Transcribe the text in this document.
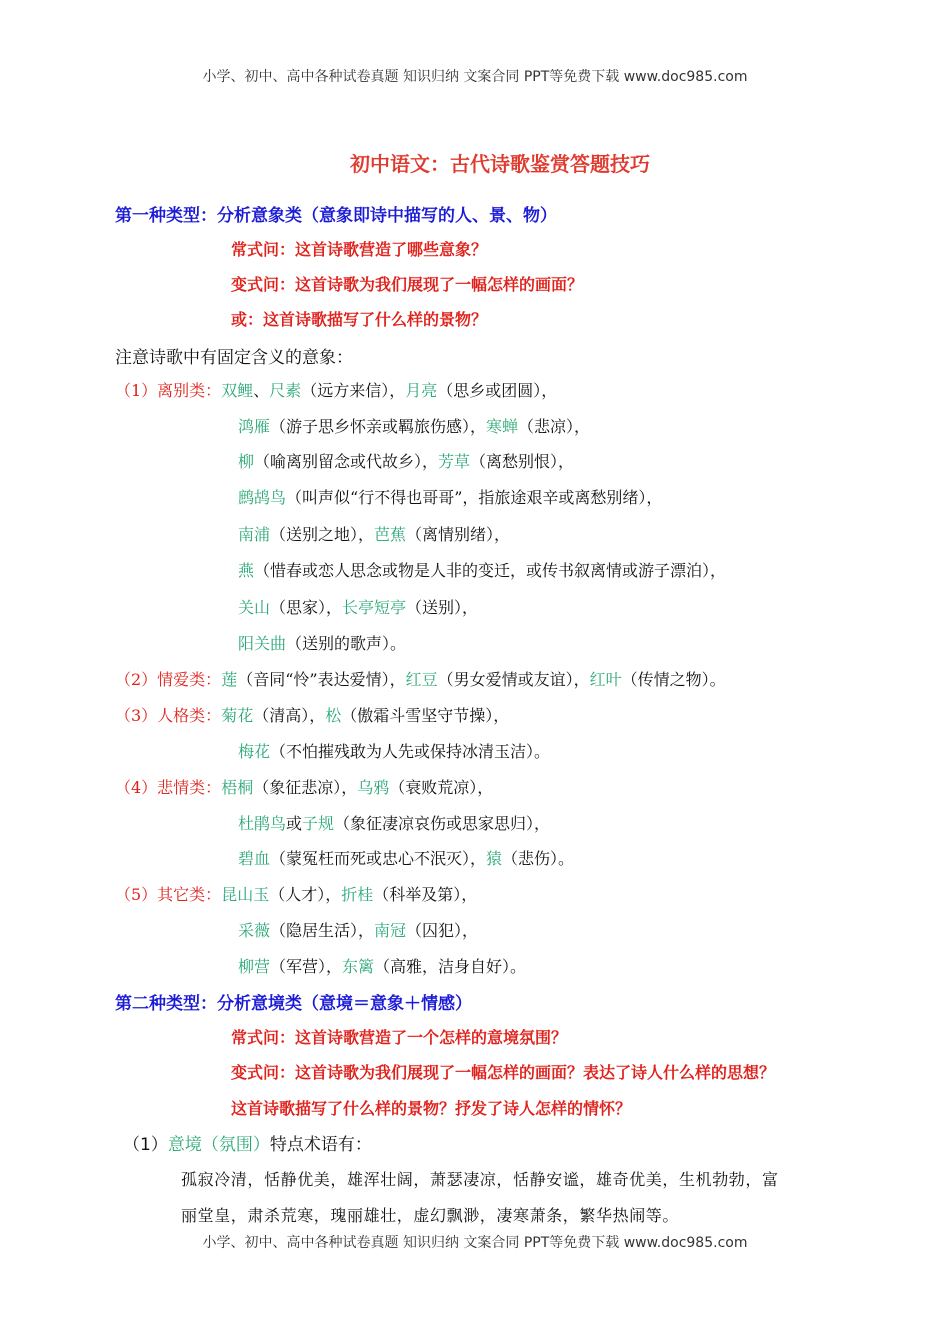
小学、初中、高中各种试卷真题 知识归纳 文案合同 PPT等免费下载 www.doc985.com
初中语文：古代诗歌鉴赏答题技巧
第一种类型：分析意象类（意象即诗中描写的人、景、物）
常式问：这首诗歌营造了哪些意象？
变式问：这首诗歌为我们展现了一幅怎样的画面？
或：这首诗歌描写了什么样的景物？
注意诗歌中有固定含义的意象：
（1）离别类：双鲤、尺素（远方来信），月亮（思乡或团圆），
鸿雁（游子思乡怀亲或羁旅伤感），寒蝉（悲凉），
柳（喻离别留念或代故乡），芳草（离愁别恨），
鹧鸪鸟（叫声似“行不得也哥哥”，指旅途艰辛或离愁别绪），
南浦（送别之地），芭蕉（离情别绪），
燕（惜春或恋人思念或物是人非的变迁，或传书叙离情或游子漂泊），
关山（思家），长亭短亭（送别），
阳关曲（送别的歌声）。
（2）情爱类：莲（音同“怜”表达爱情），红豆（男女爱情或友谊），红叶（传情之物）。
（3）人格类：菊花（清高），松（傲霜斗雪坚守节操），
梅花（不怕摧残敢为人先或保持冰清玉洁）。
（4）悲情类：梧桐（象征悲凉），乌鸦（衰败荒凉），
杜鹃鸟或子规（象征凄凉哀伤或思家思归），
碧血（蒙冤枉而死或忠心不泯灭），猿（悲伤）。
（5）其它类：昆山玉（人才），折桂（科举及第），
采薇（隐居生活），南冠（囚犯），
柳营（军营），东篱（高雅，洁身自好）。
第二种类型：分析意境类（意境＝意象＋情感）
常式问：这首诗歌营造了一个怎样的意境氛围？
变式问：这首诗歌为我们展现了一幅怎样的画面？表达了诗人什么样的思想？
这首诗歌描写了什么样的景物？抒发了诗人怎样的情怀？
（1）意境（氛围）特点术语有：
孤寂冷清，恬静优美，雄浑壮阔，萧瑟凄凉，恬静安谧，雄奇优美，生机勃勃，富
丽堂皇，肃杀荒寒，瑰丽雄壮，虚幻飘渺，凄寒萧条，繁华热闹等。
小学、初中、高中各种试卷真题 知识归纳 文案合同 PPT等免费下载 www.doc985.com
